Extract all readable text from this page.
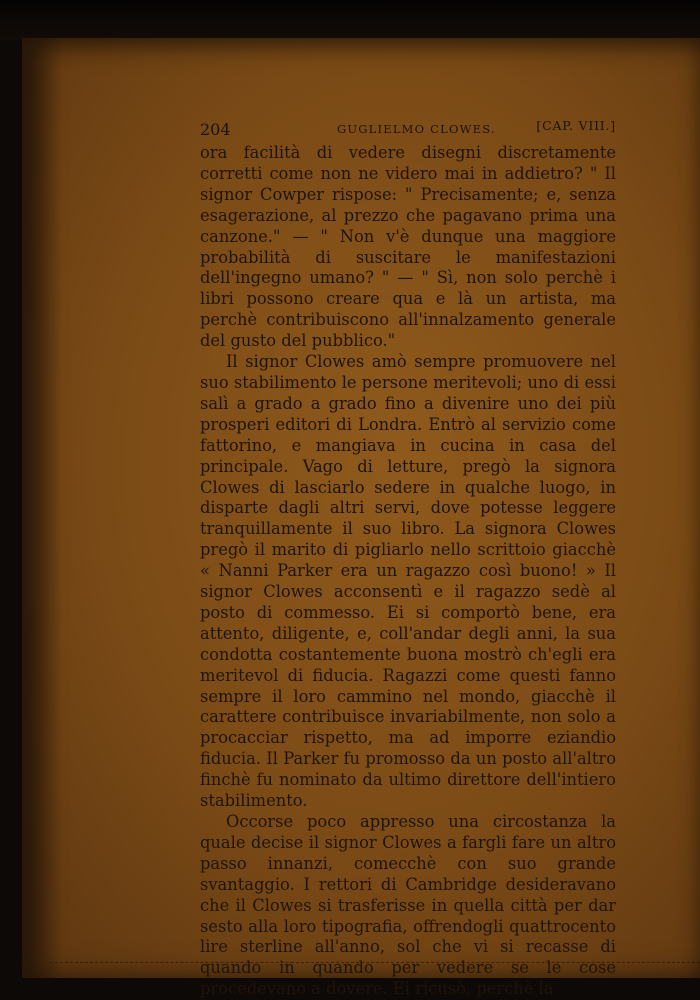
204	GUGLIELMO CLOWES.	[CAP. VIII.]

ora facilità di vedere disegni discretamente corretti come non ne videro mai in addietro? " Il signor Cowper rispose: " Precisamente; e, senza esagerazione, al prezzo che pagavano prima una canzone." — " Non v'è dunque una maggiore probabilità di suscitare le manifestazioni dell'ingegno umano? " — " Sì, non solo perchè i libri possono creare qua e là un artista, ma perchè contribuiscono all'innalzamento generale del gusto del pubblico."

Il signor Clowes amò sempre promuovere nel suo stabilimento le persone meritevoli; uno di essi salì a grado a grado fino a divenire uno dei più prosperi editori di Londra. Entrò al servizio come fattorino, e mangiava in cucina in casa del principale. Vago di letture, pregò la signora Clowes di lasciarlo sedere in qualche luogo, in disparte dagli altri servi, dove potesse leggere tranquillamente il suo libro. La signora Clowes pregò il marito di pigliarlo nello scrittoio giacchè « Nanni Parker era un ragazzo così buono! » Il signor Clowes acconsentì e il ragazzo sedè al posto di commesso. Ei si comportò bene, era attento, diligente, e, coll'andar degli anni, la sua condotta costantemente buona mostrò ch'egli era meritevol di fiducia. Ragazzi come questi fanno sempre il loro cammino nel mondo, giacchè il carattere contribuisce invariabilmente, non solo a procacciar rispetto, ma ad imporre eziandio fiducia. Il Parker fu promosso da un posto all'altro finchè fu nominato da ultimo direttore dell'intiero stabilimento.

Occorse poco appresso una circostanza la quale decise il signor Clowes a fargli fare un altro passo innanzi, comecchè con suo grande svantaggio. I rettori di Cambridge desideravano che il Clowes si trasferisse in quella città per dar sesto alla loro tipografia, offrendogli quattrocento lire sterline all'anno, sol che vi si recasse di quando in quando per vedere se le cose procedevano a dovere. Ei ricusò, perchè la
